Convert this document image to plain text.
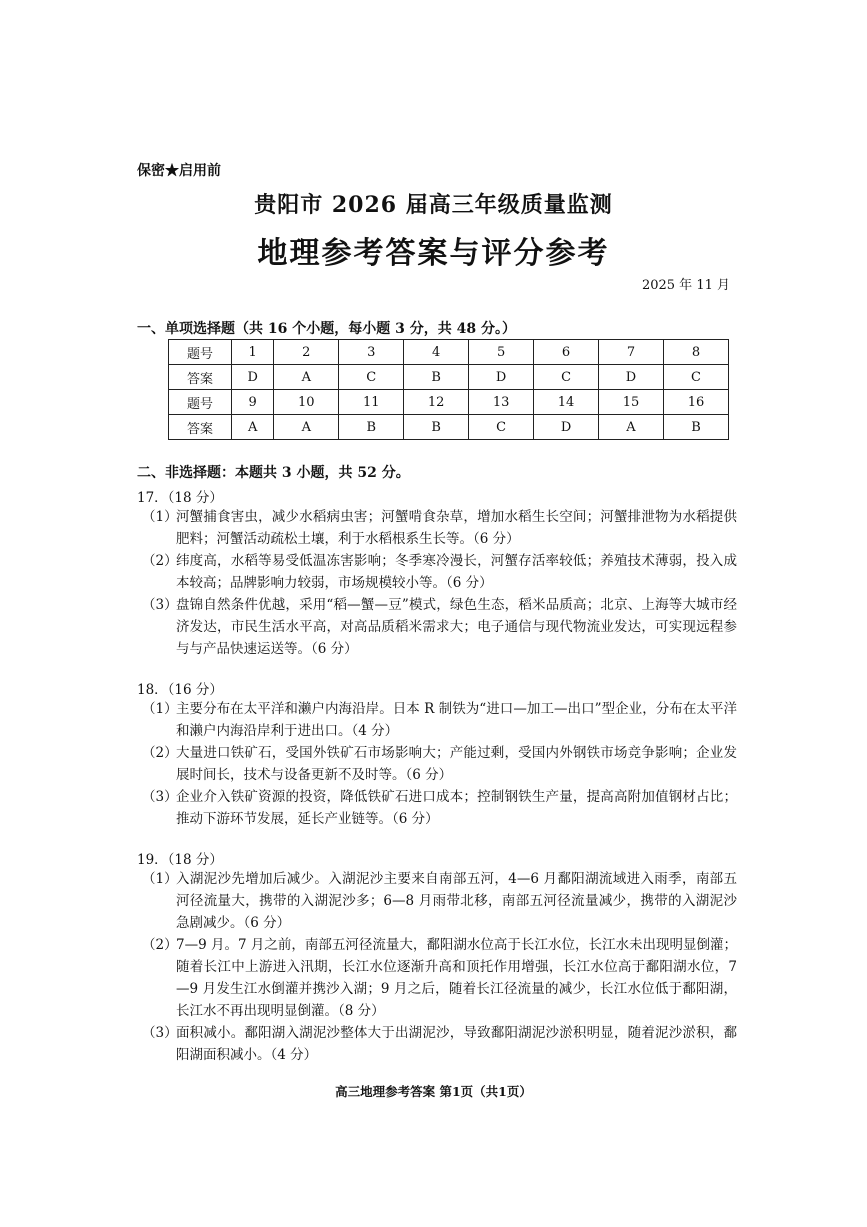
保密★启用前
贵阳市 2026 届高三年级质量监测
地理参考答案与评分参考
2025 年 11 月
一、单项选择题（共 16 个小题，每小题 3 分，共 48 分。）
题号	1	2	3	4	5	6	7	8
答案	D	A	C	B	D	C	D	C
题号	9	10	11	12	13	14	15	16
答案	A	A	B	B	C	D	A	B
二、非选择题：本题共 3 小题，共 52 分。
17．（18 分）
（1）
河蟹捕食害虫，减少水稻病虫害；河蟹啃食杂草，增加水稻生长空间；河蟹排泄物为水稻提供肥料；河蟹活动疏松土壤，利于水稻根系生长等。（6 分）
（2）
纬度高，水稻等易受低温冻害影响；冬季寒冷漫长，河蟹存活率较低；养殖技术薄弱，投入成本较高；品牌影响力较弱，市场规模较小等。（6 分）
（3）
盘锦自然条件优越，采用“稻—蟹—豆”模式，绿色生态，稻米品质高；北京、上海等大城市经济发达，市民生活水平高，对高品质稻米需求大；电子通信与现代物流业发达，可实现远程参与与产品快速运送等。（6 分）
18．（16 分）
（1）
主要分布在太平洋和濑户内海沿岸。日本 R 制铁为“进口—加工—出口”型企业，分布在太平洋和濑户内海沿岸利于进出口。（4 分）
（2）
大量进口铁矿石，受国外铁矿石市场影响大；产能过剩，受国内外钢铁市场竞争影响；企业发展时间长，技术与设备更新不及时等。（6 分）
（3）
企业介入铁矿资源的投资，降低铁矿石进口成本；控制钢铁生产量，提高高附加值钢材占比；推动下游环节发展，延长产业链等。（6 分）
19．（18 分）
（1）
入湖泥沙先增加后减少。入湖泥沙主要来自南部五河，4—6 月鄱阳湖流域进入雨季，南部五河径流量大，携带的入湖泥沙多；6—8 月雨带北移，南部五河径流量减少，携带的入湖泥沙急剧减少。（6 分）
（2）
7—9 月。7 月之前，南部五河径流量大，鄱阳湖水位高于长江水位，长江水未出现明显倒灌；随着长江中上游进入汛期，长江水位逐渐升高和顶托作用增强，长江水位高于鄱阳湖水位，7—9 月发生江水倒灌并携沙入湖；9 月之后，随着长江径流量的减少，长江水位低于鄱阳湖，长江水不再出现明显倒灌。（8 分）
（3）
面积减小。鄱阳湖入湖泥沙整体大于出湖泥沙，导致鄱阳湖泥沙淤积明显，随着泥沙淤积，鄱阳湖面积减小。（4 分）
高三地理参考答案 第1页（共1页）
